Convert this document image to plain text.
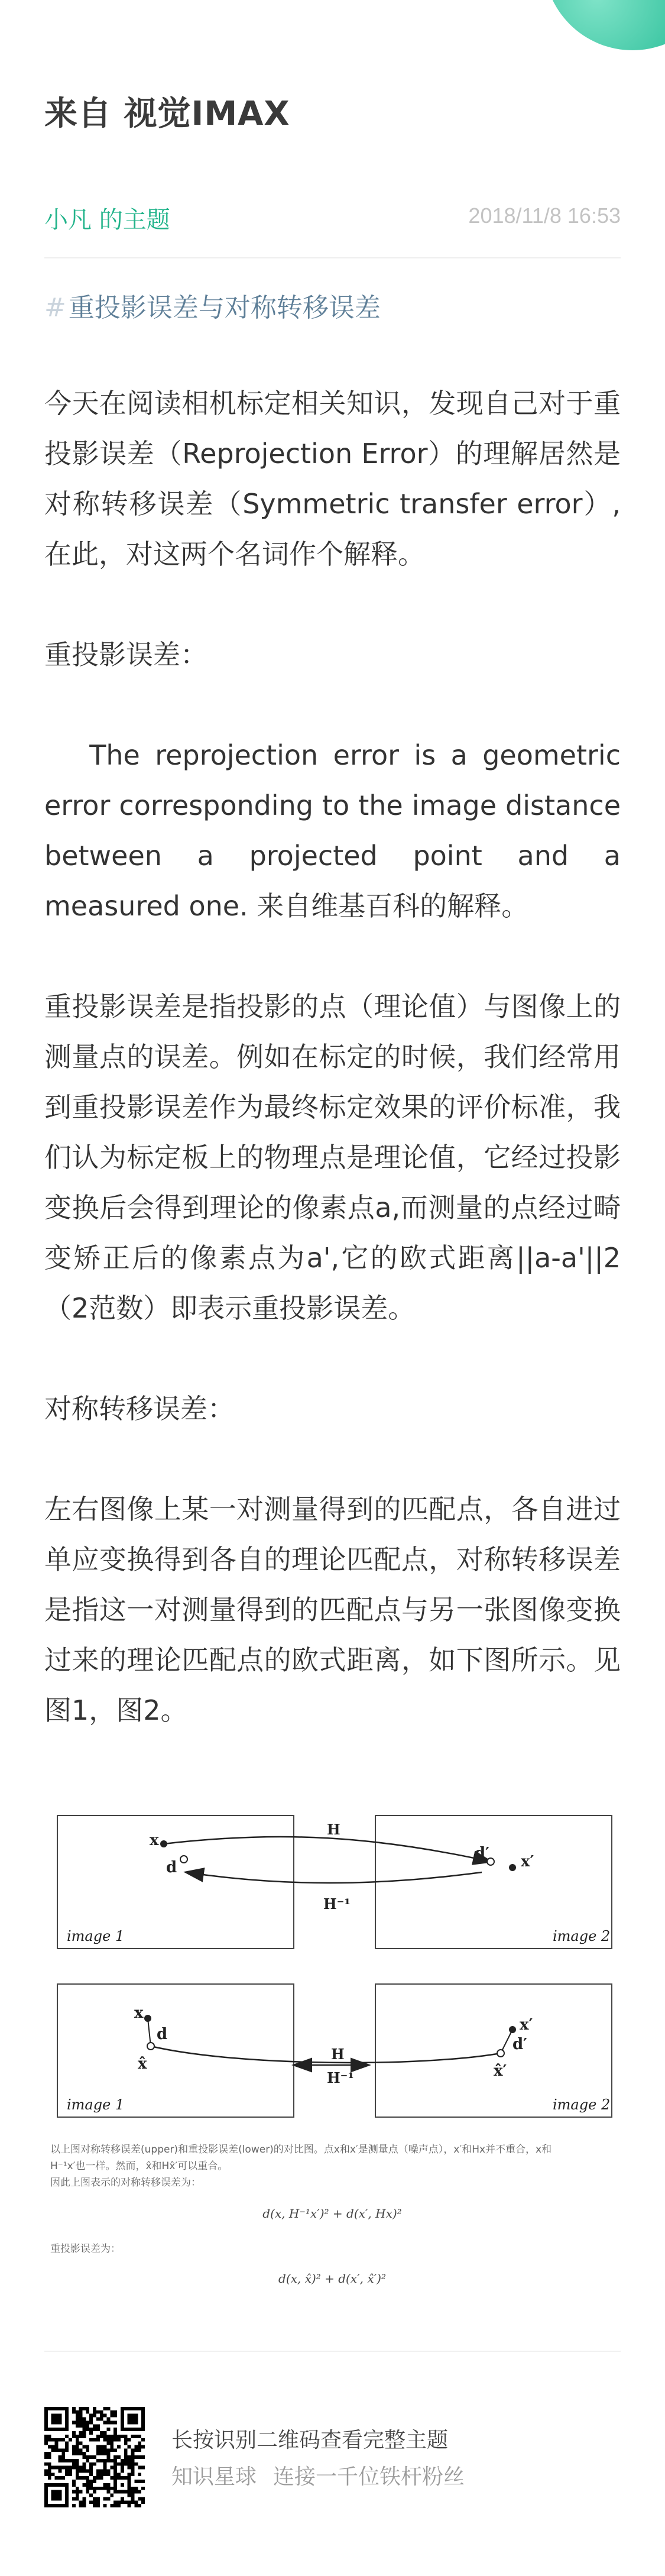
来自 视觉IMAX
小凡 的主题	2018/11/8 16:53
#重投影误差与对称转移误差

今天在阅读相机标定相关知识，发现自己对于重投影误差（Reprojection Error）的理解居然是对称转移误差（Symmetric transfer error）,在此，对这两个名词作个解释。

重投影误差：

The reprojection error is a geometric error corresponding to the image distance between a projected point and a measured one. 来自维基百科的解释。

重投影误差是指投影的点（理论值）与图像上的测量点的误差。例如在标定的时候，我们经常用到重投影误差作为最终标定效果的评价标准，我们认为标定板上的物理点是理论值，它经过投影变换后会得到理论的像素点a,而测量的点经过畸变矫正后的像素点为a',它的欧式距离||a-a'||2（2范数）即表示重投影误差。

对称转移误差：

左右图像上某一对测量得到的匹配点，各自进过单应变换得到各自的理论匹配点，对称转移误差是指这一对测量得到的匹配点与另一张图像变换过来的理论匹配点的欧式距离，如下图所示。见图1，图2。

image 1	image 2
x
d
d′ x′
H
H⁻¹
image 1	image 2
x
d
x̂
x′
d′
x̂′
H
H⁻¹
以上图对称转移误差(upper)和重投影误差(lower)的对比图。点x和x′是测量点（噪声点），x′和Hx并不重合，x和
H⁻¹x′也一样。然而，x̂和Hx̂′可以重合。
因此上图表示的对称转移误差为：
d(x, H⁻¹x′)² + d(x′, Hx)²
重投影误差为：
d(x, x̂)² + d(x′, x̂′)²
长按识别二维码查看完整主题
知识星球 连接一千位铁杆粉丝
